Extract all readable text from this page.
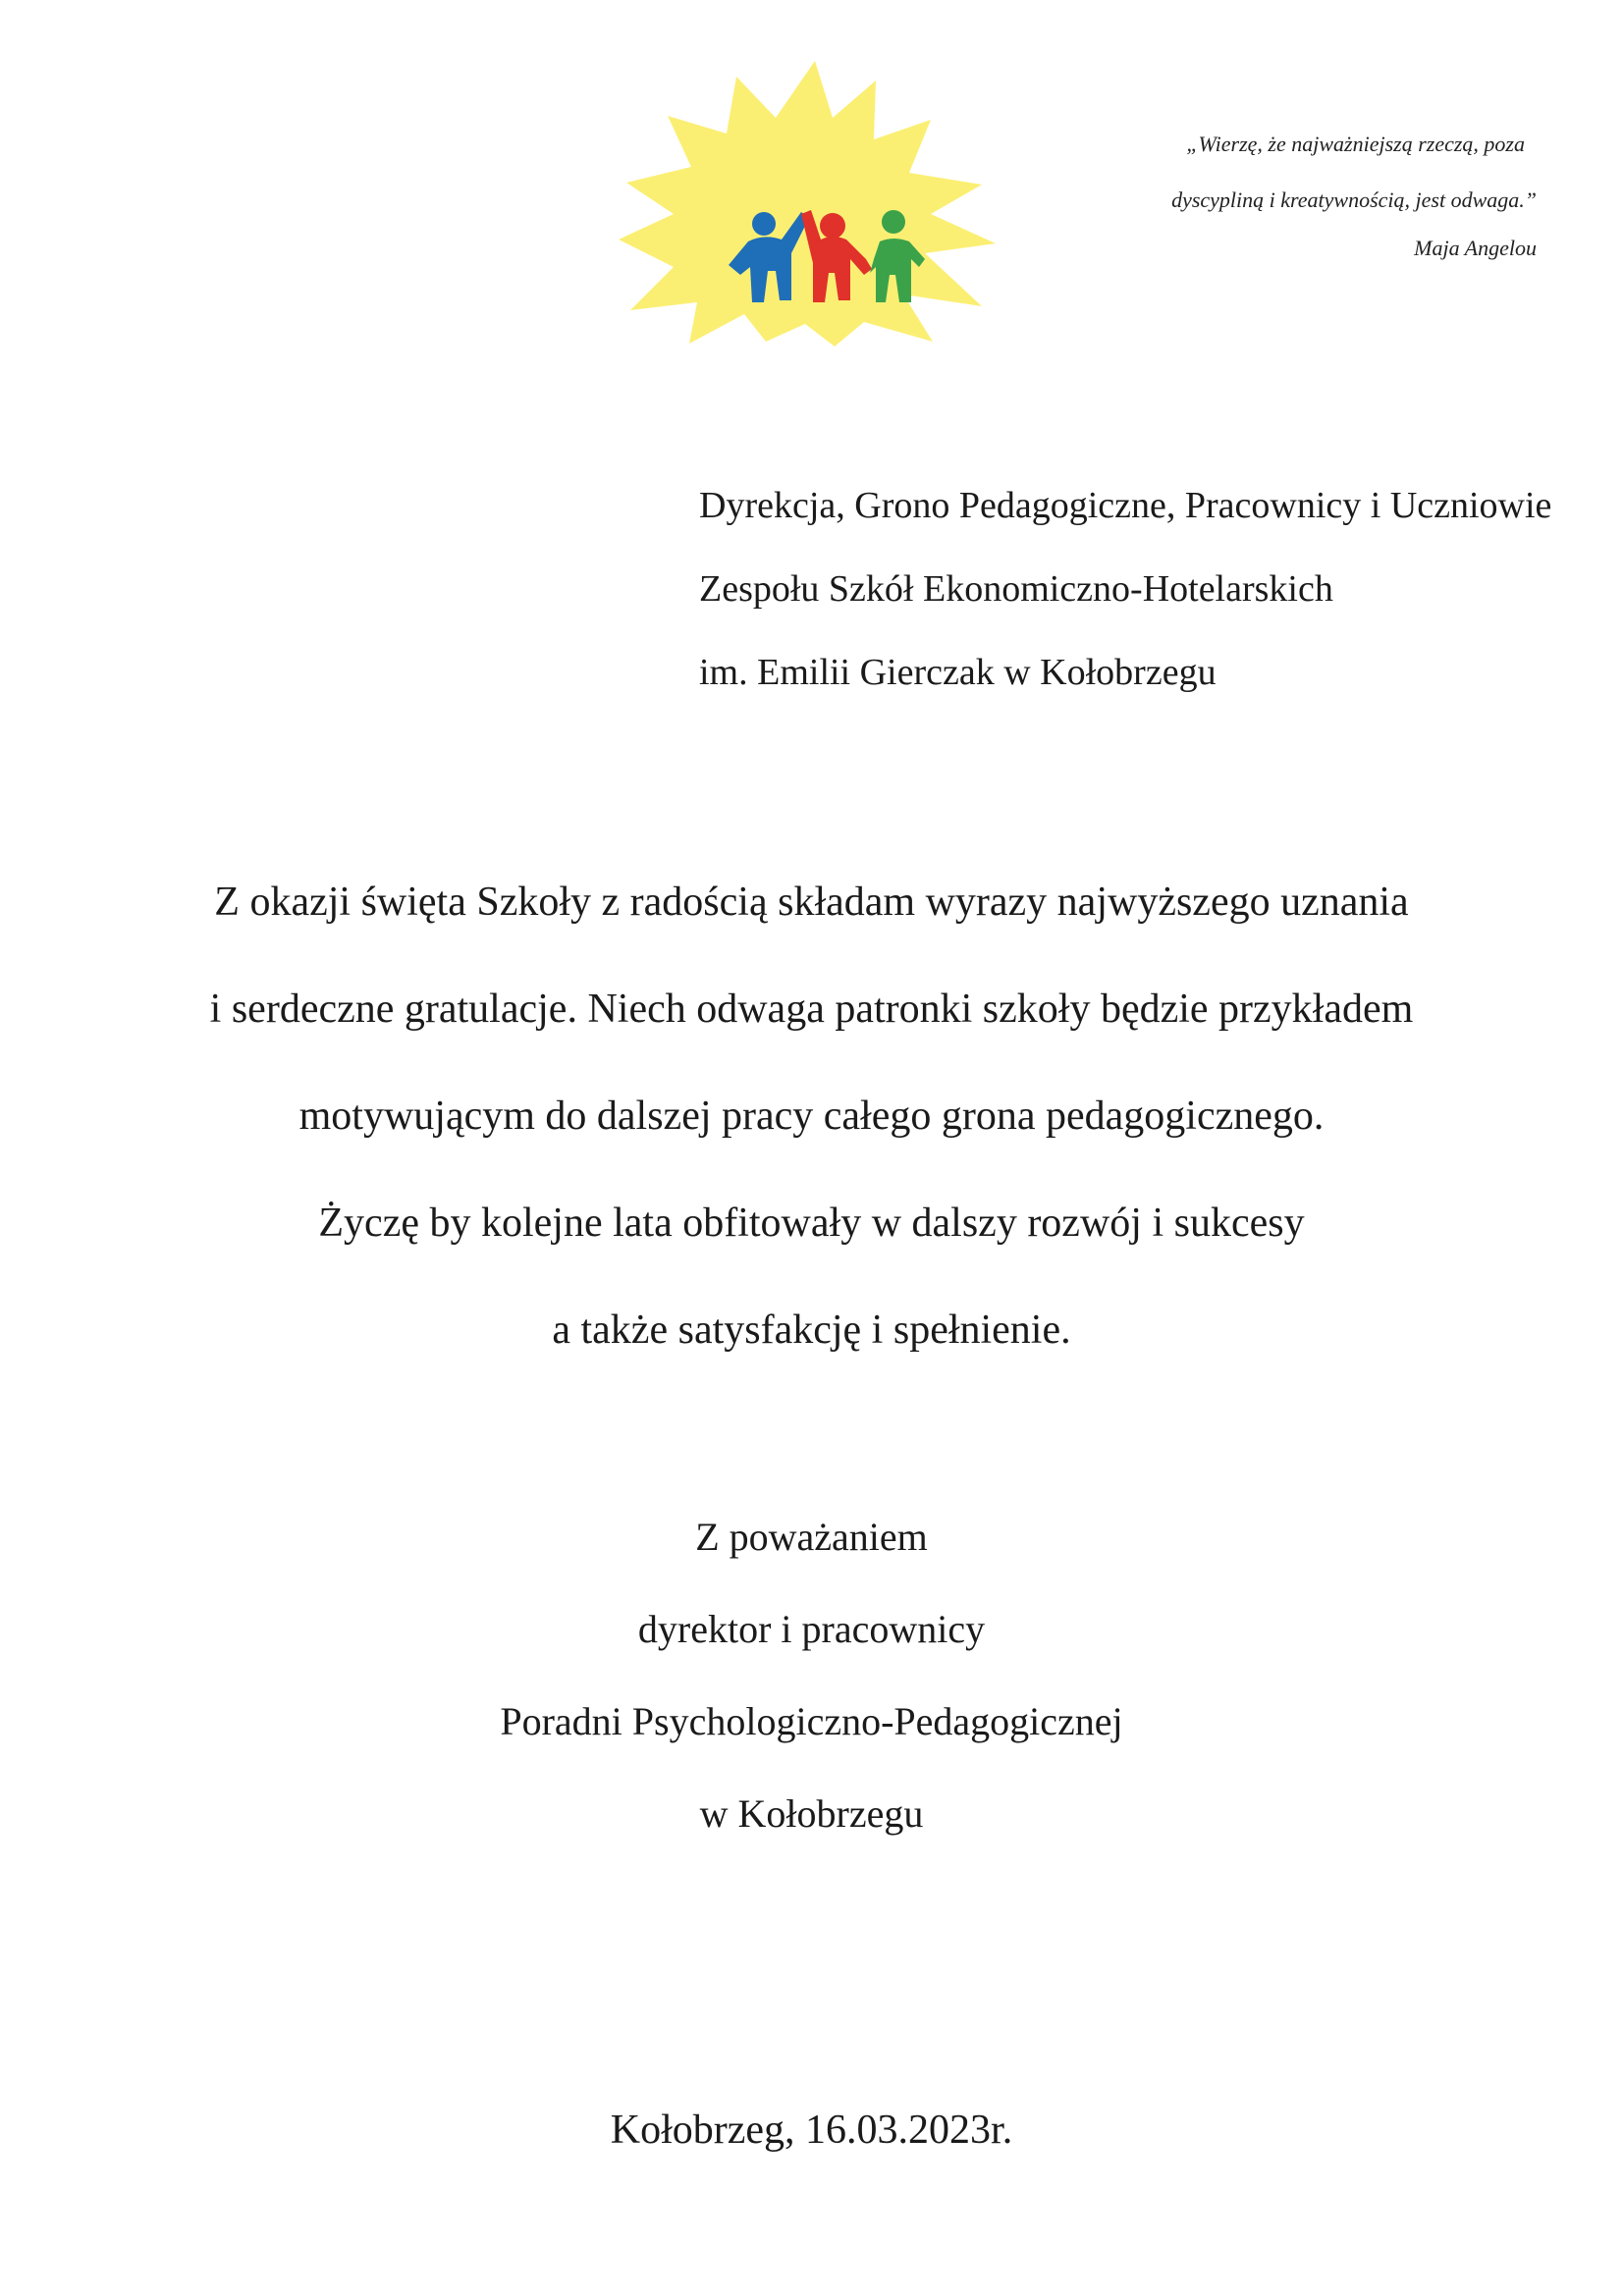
„Wierzę, że najważniejszą rzeczą, poza
dyscypliną i kreatywnością, jest odwaga.”
Maja Angelou
Dyrekcja, Grono Pedagogiczne, Pracownicy i Uczniowie
Zespołu Szkół Ekonomiczno-Hotelarskich
im. Emilii Gierczak w Kołobrzegu
Z okazji święta Szkoły z radością składam wyrazy najwyższego uznania
i serdeczne gratulacje. Niech odwaga patronki szkoły będzie przykładem
motywującym do dalszej pracy całego grona pedagogicznego.
Życzę by kolejne lata obfitowały w dalszy rozwój i sukcesy
a także satysfakcję i spełnienie.
Z poważaniem
dyrektor i pracownicy
Poradni Psychologiczno-Pedagogicznej
w Kołobrzegu
Kołobrzeg, 16.03.2023r.
